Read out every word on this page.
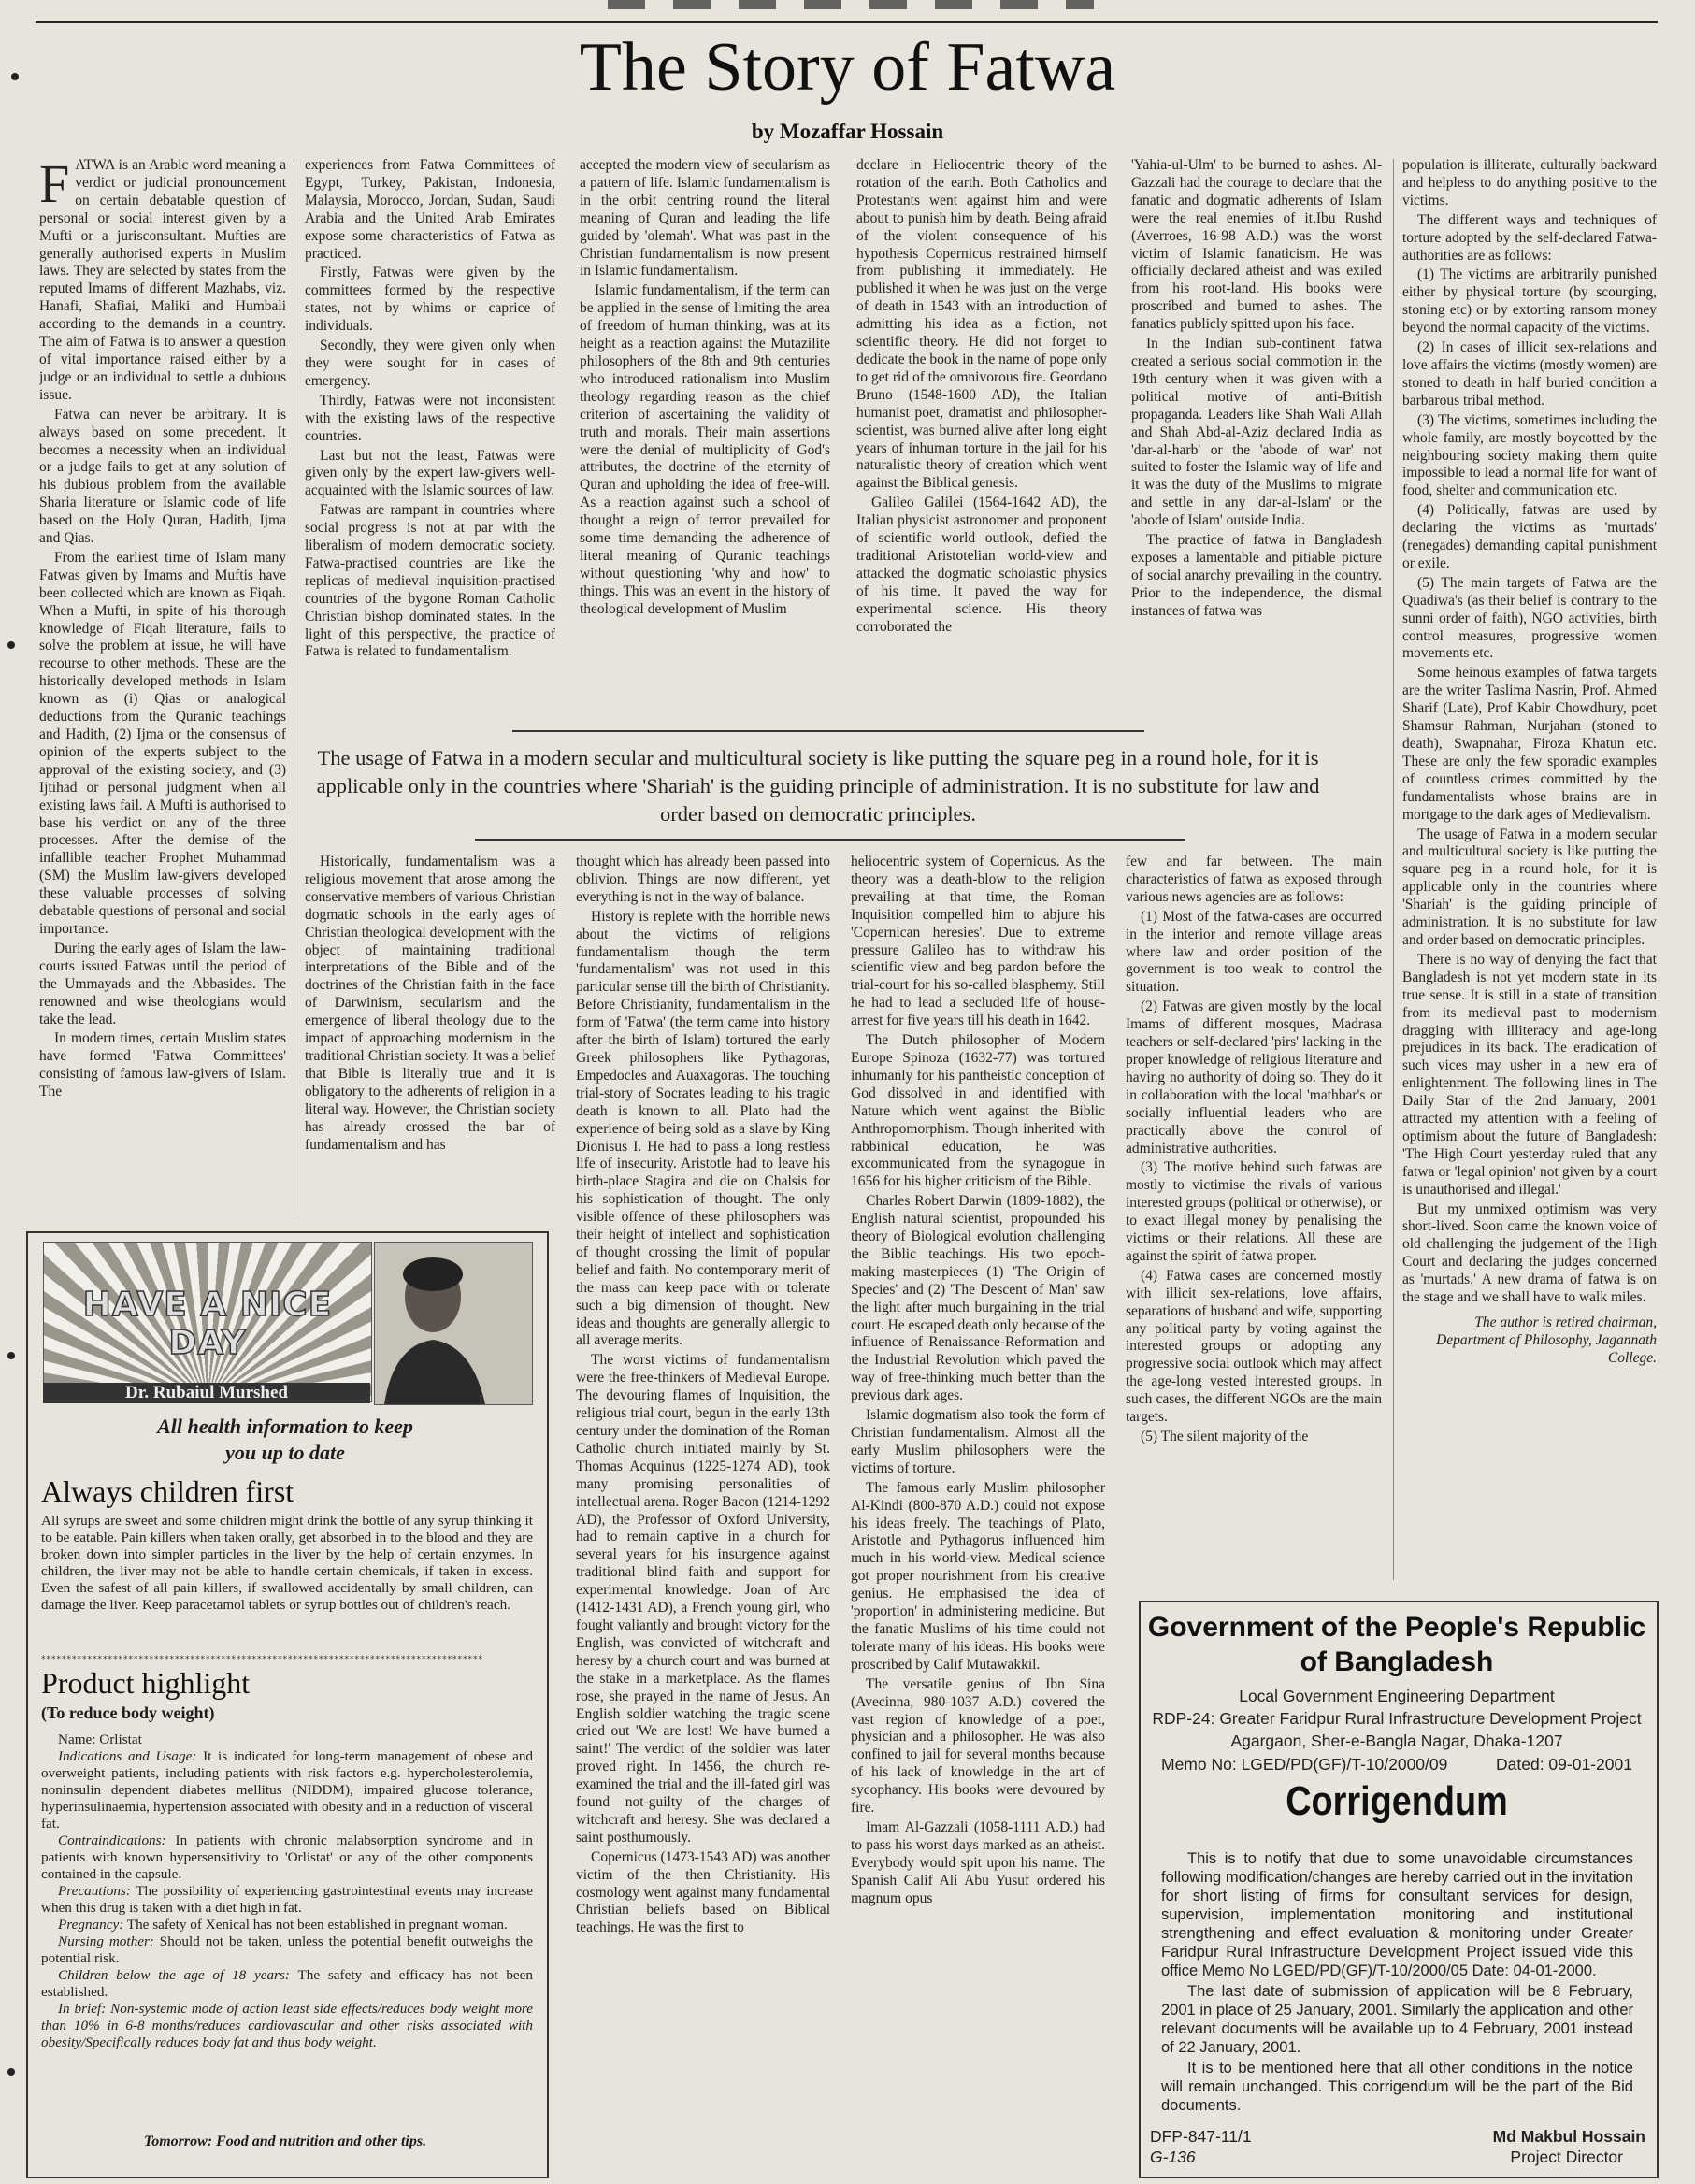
The Story of Fatwa
by Mozaffar Hossain

FATWA is an Arabic word meaning a verdict or judicial pronouncement on certain debatable question of personal or social interest given by a Mufti or a jurisconsultant. Mufties are generally authorised experts in Muslim laws. They are selected by states from the reputed Imams of different Mazhabs, viz. Hanafi, Shafiai, Maliki and Humbali according to the demands in a country. The aim of Fatwa is to answer a question of vital importance raised either by a judge or an individual to settle a dubious issue.

Fatwa can never be arbitrary. It is always based on some precedent. It becomes a necessity when an individual or a judge fails to get at any solution of his dubious problem from the available Sharia literature or Islamic code of life based on the Holy Quran, Hadith, Ijma and Qias.

From the earliest time of Islam many Fatwas given by Imams and Muftis have been collected which are known as Fiqah. When a Mufti, in spite of his thorough knowledge of Fiqah literature, fails to solve the problem at issue, he will have recourse to other methods. These are the historically developed methods in Islam known as (i) Qias or analogical deductions from the Quranic teachings and Hadith, (2) Ijma or the consensus of opinion of the experts subject to the approval of the existing society, and (3) Ijtihad or personal judgment when all existing laws fail. A Mufti is authorised to base his verdict on any of the three processes. After the demise of the infallible teacher Prophet Muhammad (SM) the Muslim law-givers developed these valuable processes of solving debatable questions of personal and social importance.

During the early ages of Islam the law-courts issued Fatwas until the period of the Ummayads and the Abbasides. The renowned and wise theologians would take the lead.

In modern times, certain Muslim states have formed 'Fatwa Committees' consisting of famous law-givers of Islam. The

experiences from Fatwa Committees of Egypt, Turkey, Pakistan, Indonesia, Malaysia, Morocco, Jordan, Sudan, Saudi Arabia and the United Arab Emirates expose some characteristics of Fatwa as practiced.

Firstly, Fatwas were given by the committees formed by the respective states, not by whims or caprice of individuals.

Secondly, they were given only when they were sought for in cases of emergency.

Thirdly, Fatwas were not inconsistent with the existing laws of the respective countries.

Last but not the least, Fatwas were given only by the expert law-givers well-acquainted with the Islamic sources of law.

Fatwas are rampant in countries where social progress is not at par with the liberalism of modern democratic society. Fatwa-practised countries are like the replicas of medieval inquisition-practised countries of the bygone Roman Catholic Christian bishop dominated states. In the light of this perspective, the practice of Fatwa is related to fundamentalism.

accepted the modern view of secularism as a pattern of life. Islamic fundamentalism is in the orbit centring round the literal meaning of Quran and leading the life guided by 'olemah'. What was past in the Christian fundamentalism is now present in Islamic fundamentalism.

Islamic fundamentalism, if the term can be applied in the sense of limiting the area of freedom of human thinking, was at its height as a reaction against the Mutazilite philosophers of the 8th and 9th centuries who introduced rationalism into Muslim theology regarding reason as the chief criterion of ascertaining the validity of truth and morals. Their main assertions were the denial of multiplicity of God's attributes, the doctrine of the eternity of Quran and upholding the idea of free-will. As a reaction against such a school of thought a reign of terror prevailed for some time demanding the adherence of literal meaning of Quranic teachings without questioning 'why and how' to things. This was an event in the history of theological development of Muslim

declare in Heliocentric theory of the rotation of the earth. Both Catholics and Protestants went against him and were about to punish him by death. Being afraid of the violent consequence of his hypothesis Copernicus restrained himself from publishing it immediately. He published it when he was just on the verge of death in 1543 with an introduction of admitting his idea as a fiction, not scientific theory. He did not forget to dedicate the book in the name of pope only to get rid of the omnivorous fire. Geordano Bruno (1548-1600 AD), the Italian humanist poet, dramatist and philosopher-scientist, was burned alive after long eight years of inhuman torture in the jail for his naturalistic theory of creation which went against the Biblical genesis.

Galileo Galilei (1564-1642 AD), the Italian physicist astronomer and proponent of scientific world outlook, defied the traditional Aristotelian world-view and attacked the dogmatic scholastic physics of his time. It paved the way for experimental science. His theory corroborated the

'Yahia-ul-Ulm' to be burned to ashes. Al-Gazzali had the courage to declare that the fanatic and dogmatic adherents of Islam were the real enemies of it.Ibu Rushd (Averroes, 16-98 A.D.) was the worst victim of Islamic fanaticism. He was officially declared atheist and was exiled from his root-land. His books were proscribed and burned to ashes. The fanatics publicly spitted upon his face.

In the Indian sub-continent fatwa created a serious social commotion in the 19th century when it was given with a political motive of anti-British propaganda. Leaders like Shah Wali Allah and Shah Abd-al-Aziz declared India as 'dar-al-harb' or the 'abode of war' not suited to foster the Islamic way of life and it was the duty of the Muslims to migrate and settle in any 'dar-al-Islam' or the 'abode of Islam' outside India.

The practice of fatwa in Bangladesh exposes a lamentable and pitiable picture of social anarchy prevailing in the country. Prior to the independence, the dismal instances of fatwa was

population is illiterate, culturally backward and helpless to do anything positive to the victims.

The different ways and techniques of torture adopted by the self-declared Fatwa-authorities are as follows:

(1) The victims are arbitrarily punished either by physical torture (by scourging, stoning etc) or by extorting ransom money beyond the normal capacity of the victims.

(2) In cases of illicit sex-relations and love affairs the victims (mostly women) are stoned to death in half buried condition a barbarous tribal method.

(3) The victims, sometimes including the whole family, are mostly boycotted by the neighbouring society making them quite impossible to lead a normal life for want of food, shelter and communication etc.

(4) Politically, fatwas are used by declaring the victims as 'murtads' (renegades) demanding capital punishment or exile.

(5) The main targets of Fatwa are the Quadiwa's (as their belief is contrary to the sunni order of faith), NGO activities, birth control measures, progressive women movements etc.

Some heinous examples of fatwa targets are the writer Taslima Nasrin, Prof. Ahmed Sharif (Late), Prof Kabir Chowdhury, poet Shamsur Rahman, Nurjahan (stoned to death), Swapnahar, Firoza Khatun etc. These are only the few sporadic examples of countless crimes committed by the fundamentalists whose brains are in mortgage to the dark ages of Medievalism.

The usage of Fatwa in a modern secular and multicultural society is like putting the square peg in a round hole, for it is applicable only in the countries where 'Shariah' is the guiding principle of administration. It is no substitute for law and order based on democratic principles.

There is no way of denying the fact that Bangladesh is not yet modern state in its true sense. It is still in a state of transition from its medieval past to modernism dragging with illiteracy and age-long prejudices in its back. The eradication of such vices may usher in a new era of enlightenment. The following lines in The Daily Star of the 2nd January, 2001 attracted my attention with a feeling of optimism about the future of Bangladesh: 'The High Court yesterday ruled that any fatwa or 'legal opinion' not given by a court is unauthorised and illegal.'

But my unmixed optimism was very short-lived. Soon came the known voice of old challenging the judgement of the High Court and declaring the judges concerned as 'murtads.' A new drama of fatwa is on the stage and we shall have to walk miles.

The author is retired chairman, Department of Philosophy, Jagannath College.

The usage of Fatwa in a modern secular and multicultural society is like putting the square peg in a round hole, for it is applicable only in the countries where 'Shariah' is the guiding principle of administration. It is no substitute for law and order based on democratic principles.

Historically, fundamentalism was a religious movement that arose among the conservative members of various Christian dogmatic schools in the early ages of Christian theological development with the object of maintaining traditional interpretations of the Bible and of the doctrines of the Christian faith in the face of Darwinism, secularism and the emergence of liberal theology due to the impact of approaching modernism in the traditional Christian society. It was a belief that Bible is literally true and it is obligatory to the adherents of religion in a literal way. However, the Christian society has already crossed the bar of fundamentalism and has

thought which has already been passed into oblivion. Things are now different, yet everything is not in the way of balance.

History is replete with the horrible news about the victims of religions fundamentalism though the term 'fundamentalism' was not used in this particular sense till the birth of Christianity. Before Christianity, fundamentalism in the form of 'Fatwa' (the term came into history after the birth of Islam) tortured the early Greek philosophers like Pythagoras, Empedocles and Auaxagoras. The touching trial-story of Socrates leading to his tragic death is known to all. Plato had the experience of being sold as a slave by King Dionisus I. He had to pass a long restless life of insecurity. Aristotle had to leave his birth-place Stagira and die on Chalsis for his sophistication of thought. The only visible offence of these philosophers was their height of intellect and sophistication of thought crossing the limit of popular belief and faith. No contemporary merit of the mass can keep pace with or tolerate such a big dimension of thought. New ideas and thoughts are generally allergic to all average merits.

The worst victims of fundamentalism were the free-thinkers of Medieval Europe. The devouring flames of Inquisition, the religious trial court, begun in the early 13th century under the domination of the Roman Catholic church initiated mainly by St. Thomas Acquinus (1225-1274 AD), took many promising personalities of intellectual arena. Roger Bacon (1214-1292 AD), the Professor of Oxford University, had to remain captive in a church for several years for his insurgence against traditional blind faith and support for experimental knowledge. Joan of Arc (1412-1431 AD), a French young girl, who fought valiantly and brought victory for the English, was convicted of witchcraft and heresy by a church court and was burned at the stake in a marketplace. As the flames rose, she prayed in the name of Jesus. An English soldier watching the tragic scene cried out 'We are lost! We have burned a saint!' The verdict of the soldier was later proved right. In 1456, the church re-examined the trial and the ill-fated girl was found not-guilty of the charges of witchcraft and heresy. She was declared a saint posthumously.

Copernicus (1473-1543 AD) was another victim of the then Christianity. His cosmology went against many fundamental Christian beliefs based on Biblical teachings. He was the first to

heliocentric system of Copernicus. As the theory was a death-blow to the religion prevailing at that time, the Roman Inquisition compelled him to abjure his 'Copernican heresies'. Due to extreme pressure Galileo has to withdraw his scientific view and beg pardon before the trial-court for his so-called blasphemy. Still he had to lead a secluded life of house-arrest for five years till his death in 1642.

The Dutch philosopher of Modern Europe Spinoza (1632-77) was tortured inhumanly for his pantheistic conception of God dissolved in and identified with Nature which went against the Biblic Anthropomorphism. Though inherited with rabbinical education, he was excommunicated from the synagogue in 1656 for his higher criticism of the Bible.

Charles Robert Darwin (1809-1882), the English natural scientist, propounded his theory of Biological evolution challenging the Biblic teachings. His two epoch-making masterpieces (1) 'The Origin of Species' and (2) 'The Descent of Man' saw the light after much burgaining in the trial court. He escaped death only because of the influence of Renaissance-Reformation and the Industrial Revolution which paved the way of free-thinking much better than the previous dark ages.

Islamic dogmatism also took the form of Christian fundamentalism. Almost all the early Muslim philosophers were the victims of torture.

The famous early Muslim philosopher Al-Kindi (800-870 A.D.) could not expose his ideas freely. The teachings of Plato, Aristotle and Pythagorus influenced him much in his world-view. Medical science got proper nourishment from his creative genius. He emphasised the idea of 'proportion' in administering medicine. But the fanatic Muslims of his time could not tolerate many of his ideas. His books were proscribed by Calif Mutawakkil.

The versatile genius of Ibn Sina (Avecinna, 980-1037 A.D.) covered the vast region of knowledge of a poet, physician and a philosopher. He was also confined to jail for several months because of his lack of knowledge in the art of sycophancy. His books were devoured by fire.

Imam Al-Gazzali (1058-1111 A.D.) had to pass his worst days marked as an atheist. Everybody would spit upon his name. The Spanish Calif Ali Abu Yusuf ordered his magnum opus

few and far between. The main characteristics of fatwa as exposed through various news agencies are as follows:

(1) Most of the fatwa-cases are occurred in the interior and remote village areas where law and order position of the government is too weak to control the situation.

(2) Fatwas are given mostly by the local Imams of different mosques, Madrasa teachers or self-declared 'pirs' lacking in the proper knowledge of religious literature and having no authority of doing so. They do it in collaboration with the local 'mathbar's or socially influential leaders who are practically above the control of administrative authorities.

(3) The motive behind such fatwas are mostly to victimise the rivals of various interested groups (political or otherwise), or to exact illegal money by penalising the victims or their relations. All these are against the spirit of fatwa proper.

(4) Fatwa cases are concerned mostly with illicit sex-relations, love affairs, separations of husband and wife, supporting any political party by voting against the interested groups or adopting any progressive social outlook which may affect the age-long vested interested groups. In such cases, the different NGOs are the main targets.

(5) The silent majority of the

HAVE A NICE DAY
Dr. Rubaiul Murshed
All health information to keep
you up to date
Always children first

All syrups are sweet and some children might drink the bottle of any syrup thinking it to be eatable. Pain killers when taken orally, get absorbed in to the blood and they are broken down into simpler particles in the liver by the help of certain enzymes. In children, the liver may not be able to handle certain chemicals, if taken in excess. Even the safest of all pain killers, if swallowed accidentally by small children, can damage the liver. Keep paracetamol tablets or syrup bottles out of children's reach.

**************************************************************************************
Product highlight
(To reduce body weight)

Name: Orlistat

Indications and Usage: It is indicated for long-term management of obese and overweight patients, including patients with risk factors e.g. hypercholesterolemia, noninsulin dependent diabetes mellitus (NIDDM), impaired glucose tolerance, hyperinsulinaemia, hypertension associated with obesity and in a reduction of visceral fat.

Contraindications: In patients with chronic malabsorption syndrome and in patients with known hypersensitivity to 'Orlistat' or any of the other components contained in the capsule.

Precautions: The possibility of experiencing gastrointestinal events may increase when this drug is taken with a diet high in fat.

Pregnancy: The safety of Xenical has not been established in pregnant woman.

Nursing mother: Should not be taken, unless the potential benefit outweighs the potential risk.

Children below the age of 18 years: The safety and efficacy has not been established.

In brief: Non-systemic mode of action least side effects/reduces body weight more than 10% in 6-8 months/reduces cardiovascular and other risks associated with obesity/Specifically reduces body fat and thus body weight.

Tomorrow: Food and nutrition and other tips.
Government of the People's Republic
of Bangladesh
Local Government Engineering Department
RDP-24: Greater Faridpur Rural Infrastructure Development Project
Agargaon, Sher-e-Bangla Nagar, Dhaka-1207
Memo No: LGED/PD(GF)/T-10/2000/09	Dated: 09-01-2001
Corrigendum

This is to notify that due to some unavoidable circumstances following modification/changes are hereby carried out in the invitation for short listing of firms for consultant services for design, supervision, implementation monitoring and institutional strengthening and effect evaluation & monitoring under Greater Faridpur Rural Infrastructure Development Project issued vide this office Memo No LGED/PD(GF)/T-10/2000/05 Date: 04-01-2000.

The last date of submission of application will be 8 February, 2001 in place of 25 January, 2001. Similarly the application and other relevant documents will be available up to 4 February, 2001 instead of 22 January, 2001.

It is to be mentioned here that all other conditions in the notice will remain unchanged. This corrigendum will be the part of the Bid documents.

DFP-847-11/1
G-136
Md Makbul Hossain
Project Director
